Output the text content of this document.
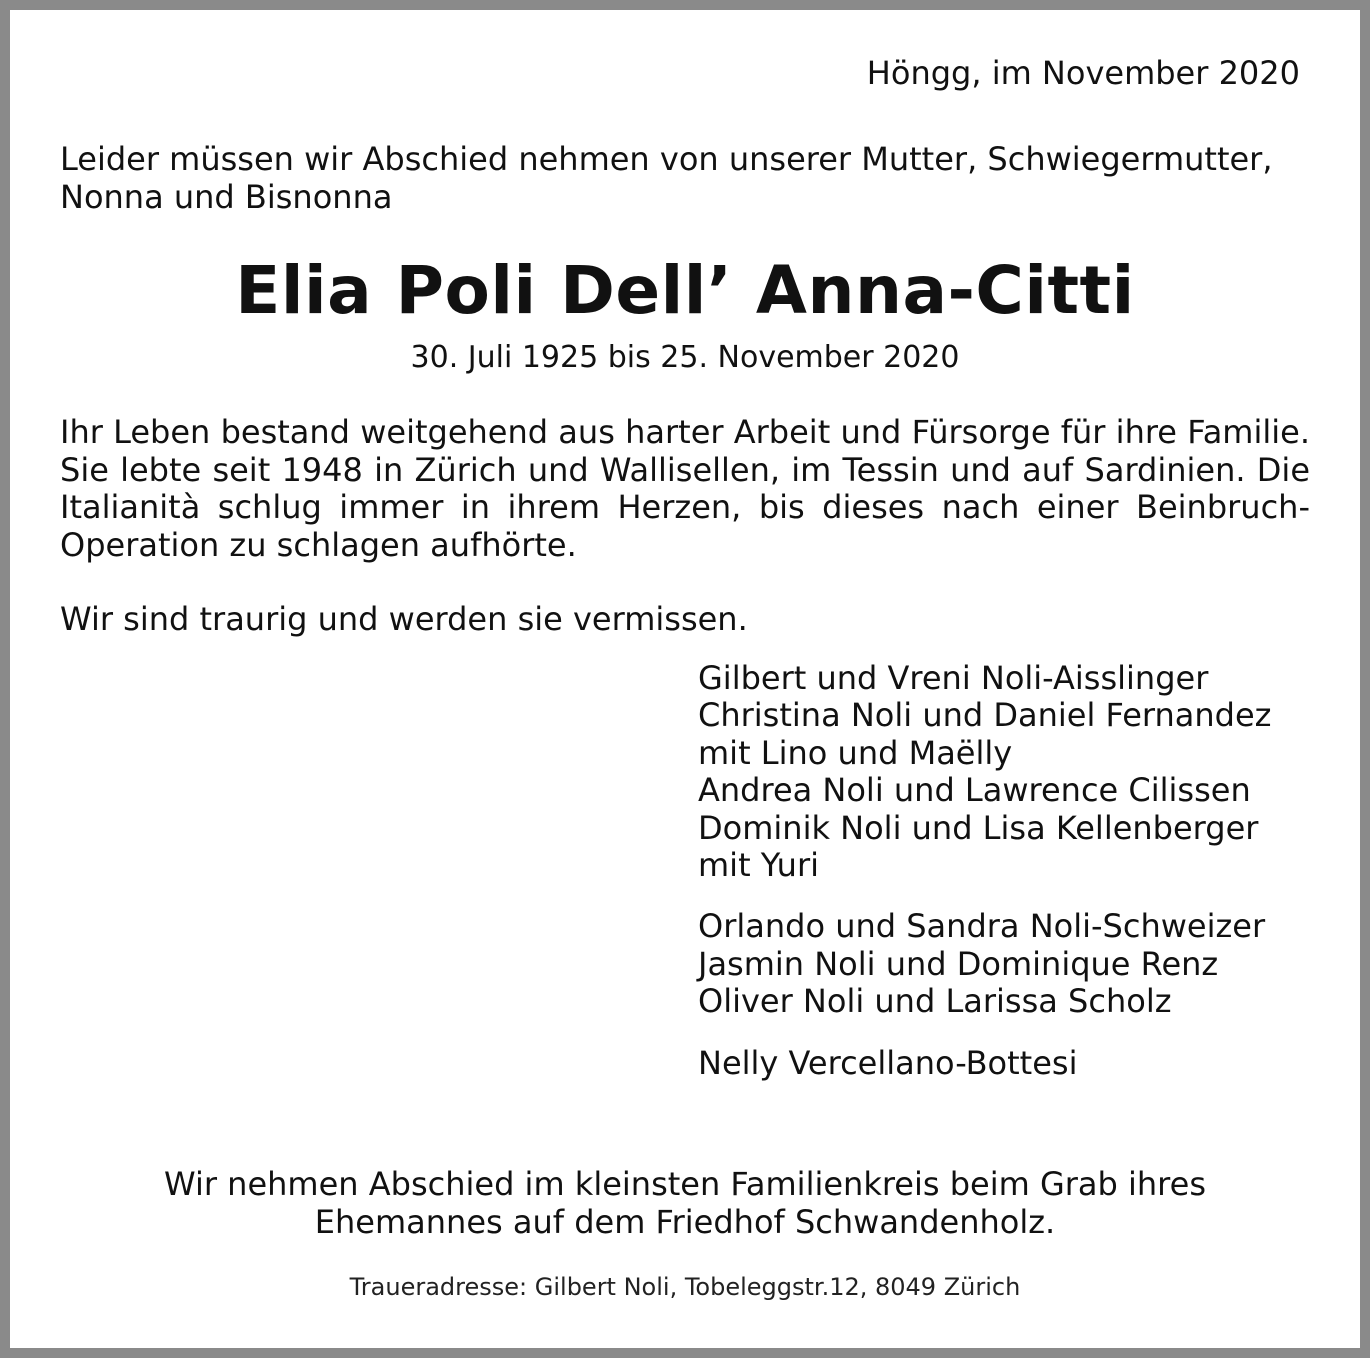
Höngg, im November 2020
Leider müssen wir Abschied nehmen von unserer Mutter, Schwiegermutter,
Nonna und Bisnonna
Elia Poli Dell’ Anna-Citti
30. Juli 1925 bis 25. November 2020
Ihr Leben bestand weitgehend aus harter Arbeit und Fürsorge für ihre Familie. Sie lebte seit 1948 in Zürich und Wallisellen, im Tessin und auf Sardinien. Die Italianità schlug immer in ihrem Herzen, bis dieses nach einer Beinbruch-Operation zu schlagen aufhörte.
Wir sind traurig und werden sie vermissen.
Gilbert und Vreni Noli-Aisslinger
Christina Noli und Daniel Fernandez
mit Lino und Maëlly
Andrea Noli und Lawrence Cilissen
Dominik Noli und Lisa Kellenberger
mit Yuri
Orlando und Sandra Noli-Schweizer
Jasmin Noli und Dominique Renz
Oliver Noli und Larissa Scholz
Nelly Vercellano-Bottesi
Wir nehmen Abschied im kleinsten Familienkreis beim Grab ihres
Ehemannes auf dem Friedhof Schwandenholz.
Traueradresse: Gilbert Noli, Tobeleggstr.12, 8049 Zürich
